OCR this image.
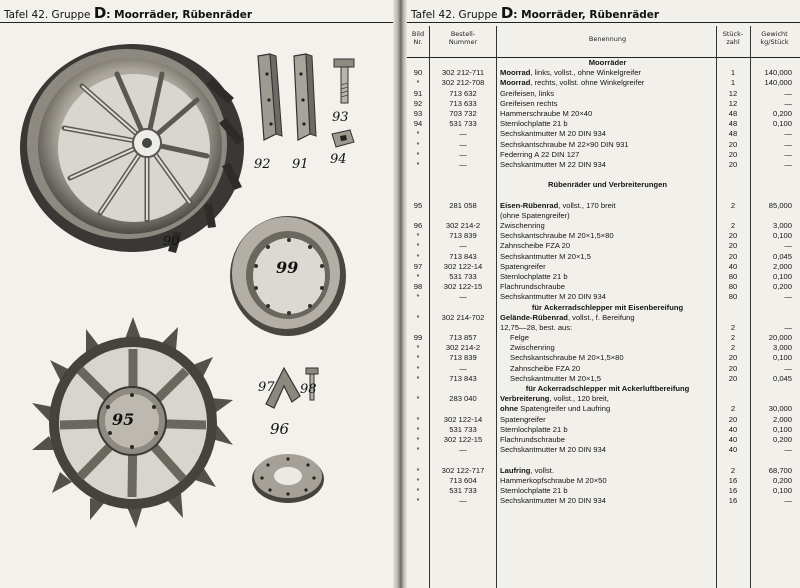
Tafel 42. Gruppe D: Moorräder, Rübenräder
90
92 91
93
94
99
95
97 98
96
Tafel 42. Gruppe D: Moorräder, Rübenräder
Bild
Nr.
Bestell-
Nummer	Benennung
Stück-
zahl
Gewicht
kg/Stück
Moorräder
90	302 212-711	Moorrad, links, vollst., ohne Winkelgreifer	1	140,000
*	302 212-708	Moorrad, rechts, vollst. ohne Winkelgreifer	1	140,000
91	713 632	Greifeisen, links	12	—
92	713 633	Greifeisen rechts	12	—
93	703 732	Hammerschraube M 20×40	48	0,200
94	531 733	Sternlochplatte 21 b	48	0,100
*	—	Sechskantmutter M 20 DIN 934	48	—
*	—	Sechskantschraube M 22×90 DIN 931	20	—
*	—	Federring A 22 DIN 127	20	—
*	—	Sechskantmutter M 22 DIN 934	20	—
Rübenräder und Verbreiterungen
95	281 058	Eisen-Rübenrad, vollst., 170 breit	2	85,000
(ohne Spatengreifer)
96	302 214-2	Zwischenring	2	3,000
*	713 839	Sechskantschraube M 20×1,5×80	20	0,100
*	—	Zahnscheibe FZA 20	20	—
*	713 843	Sechskantmutter M 20×1,5	20	0,045
97	302 122-14	Spatengreifer	40	2,000
*	531 733	Sternlochplatte 21 b	80	0,100
98	302 122-15	Flachrundschraube	80	0,200
*	—	Sechskantmutter M 20 DIN 934	80	—
für Ackerradschlepper mit Eisenbereifung
*	302 214-702	Gelände-Rübenrad, vollst., f. Bereifung
12,75—28, best. aus:	2	—
99	713 857	Felge	2	20,000
*	302 214-2	Zwischenring	2	3,000
*	713 839	Sechskantschraube M 20×1,5×80	20	0,100
*	—	Zahnscheibe FZA 20	20	—
*	713 843	Sechskantmutter M 20×1,5	20	0,045
für Ackerradschlepper mit Ackerluftbereifung
*	283 040	Verbreiterung, vollst., 120 breit,
ohne Spatengreifer und Laufring	2	30,000
*	302 122-14	Spatengreifer	20	2,000
*	531 733	Sternlochplatte 21 b	40	0,100
*	302 122-15	Flachrundschraube	40	0,200
*	—	Sechskantmutter M 20 DIN 934	40	—
*	302 122-717	Laufring, vollst.	2	68,700
*	713 604	Hammerkopfschraube M 20×50	16	0,200
*	531 733	Sternlochplatte 21 b	16	0,100
*	—	Sechskantmutter M 20 DIN 934	16	—
